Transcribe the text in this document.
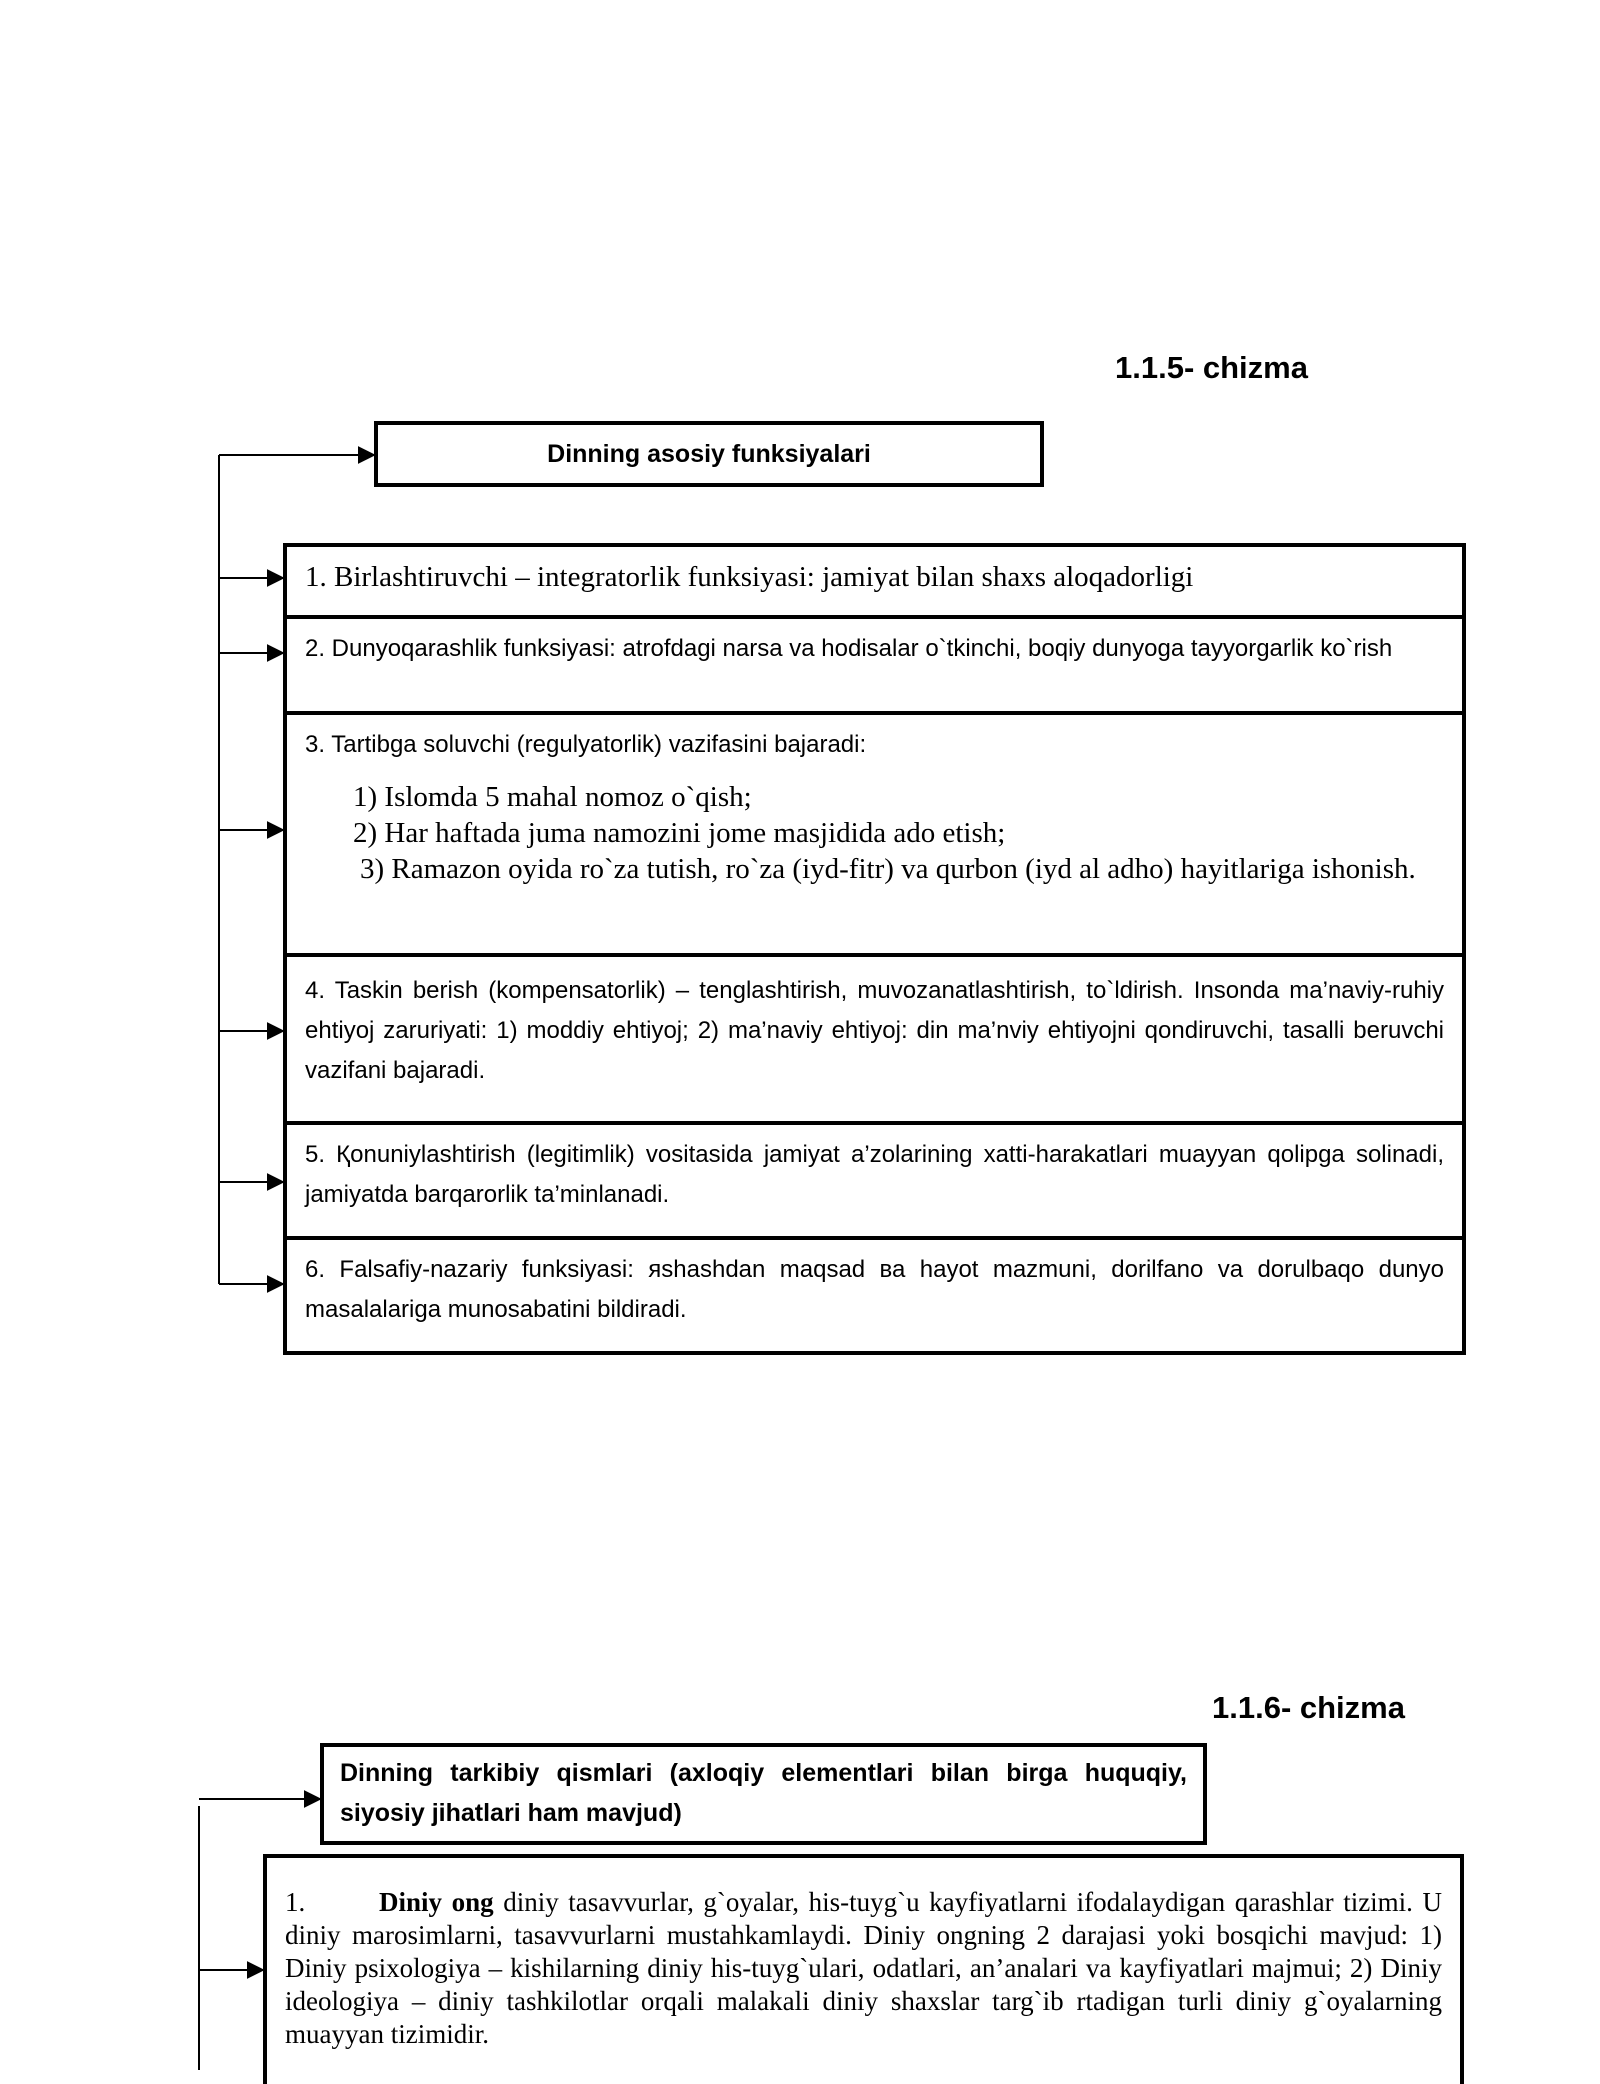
1.1.5- chizma
Dinning asosiy funksiyalari
1. Birlashtiruvchi – integratorlik funksiyasi: jamiyat bilan shaxs aloqadorligi
2. Dunyoqarashlik funksiyasi: atrofdagi narsa va hodisalar o`tkinchi, boqiy dunyoga tayyorgarlik ko`rish
3. Tartibga soluvchi (regulyatorlik) vazifasini bajaradi:
1) Islomda 5 mahal nomoz o`qish;
2) Har haftada juma namozini jome masjidida ado etish;
3) Ramazon oyida ro`za tutish, ro`za (iyd-fitr) va qurbon (iyd al adho) hayitlariga ishonish.
4. Taskin berish (kompensatorlik) – tenglashtirish, muvozanatlashtirish, to`ldirish. Insonda ma’naviy-ruhiy ehtiyoj zaruriyati: 1) moddiy ehtiyoj; 2) ma’naviy ehtiyoj: din ma’nviy ehtiyojni qondiruvchi, tasalli beruvchi vazifani bajaradi.
5. Қonuniylashtirish (legitimlik) vositasida jamiyat a’zolarining xatti-harakatlari muayyan qolipga solinadi, jamiyatda barqarorlik ta’minlanadi.
6. Falsafiy-nazariy funksiyasi: яshashdan maqsad ва hayot mazmuni, dorilfano va dorulbaqo dunyo masalalariga munosabatini bildiradi.
1.1.6- chizma
Dinning tarkibiy qismlari (axloqiy elementlari bilan birga huquqiy, siyosiy jihatlari ham mavjud)
1.	Diniy ong diniy tasavvurlar, g`oyalar, his-tuyg`u kayfiyatlarni ifodalaydigan qarashlar tizimi. U diniy marosimlarni, tasavvurlarni mustahkamlaydi. Diniy ongning 2 darajasi yoki bosqichi mavjud: 1) Diniy psixologiya – kishilarning diniy his-tuyg`ulari, odatlari, an’analari va kayfiyatlari majmui; 2) Diniy ideologiya – diniy tashkilotlar orqali malakali diniy shaxslar targ`ib rtadigan turli diniy g`oyalarning muayyan tizimidir.
